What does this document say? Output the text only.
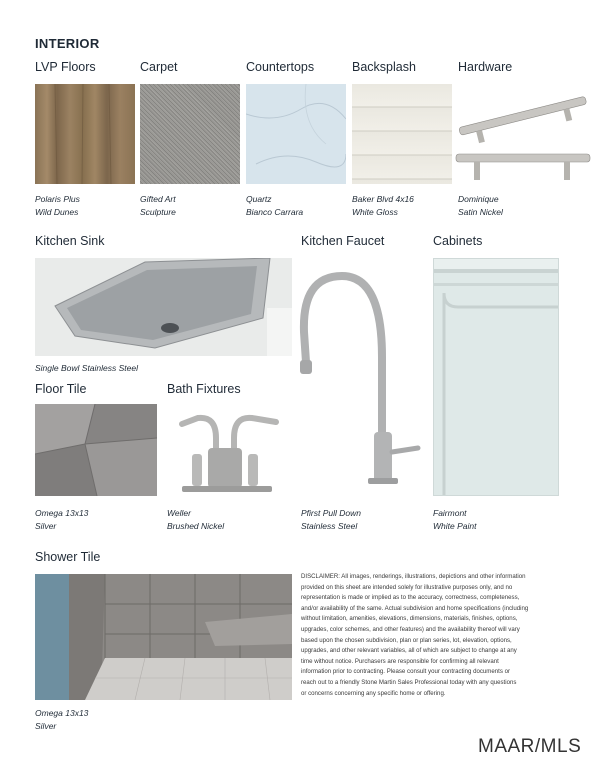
INTERIOR
LVP Floors	Carpet	Countertops	Backsplash	Hardware
Polaris Plus
Wild Dunes
Gifted Art
Sculpture
Quartz
Bianco Carrara
Baker Blvd 4x16
White Gloss
Dominique
Satin Nickel
Kitchen Sink	Kitchen Faucet	Cabinets
Single Bowl Stainless Steel
Pfirst Pull Down
Stainless Steel
Fairmont
White Paint
Floor Tile	Bath Fixtures
Omega 13x13
Silver
Weller
Brushed Nickel
Shower Tile
Omega 13x13
Silver
DISCLAIMER: All images, renderings, illustrations, depictions and other information
provided on this sheet are intended solely for illustrative purposes only, and no
representation is made or implied as to the accuracy, correctness, completeness,
and/or availability of the same. Actual subdivision and home specifications (including
without limitation, amenities, elevations, dimensions, materials, finishes, options,
upgrades, color schemes, and other features) and the availability thereof will vary
based upon the chosen subdivision, plan or plan series, lot, elevation, options,
upgrades, and other relevant variables, all of which are subject to change at any
time without notice. Purchasers are responsible for confirming all relevant
information prior to contracting. Please consult your contracting documents or
reach out to a friendly Stone Martin Sales Professional today with any questions
or concerns concerning any specific home or offering.
MAAR/MLS
